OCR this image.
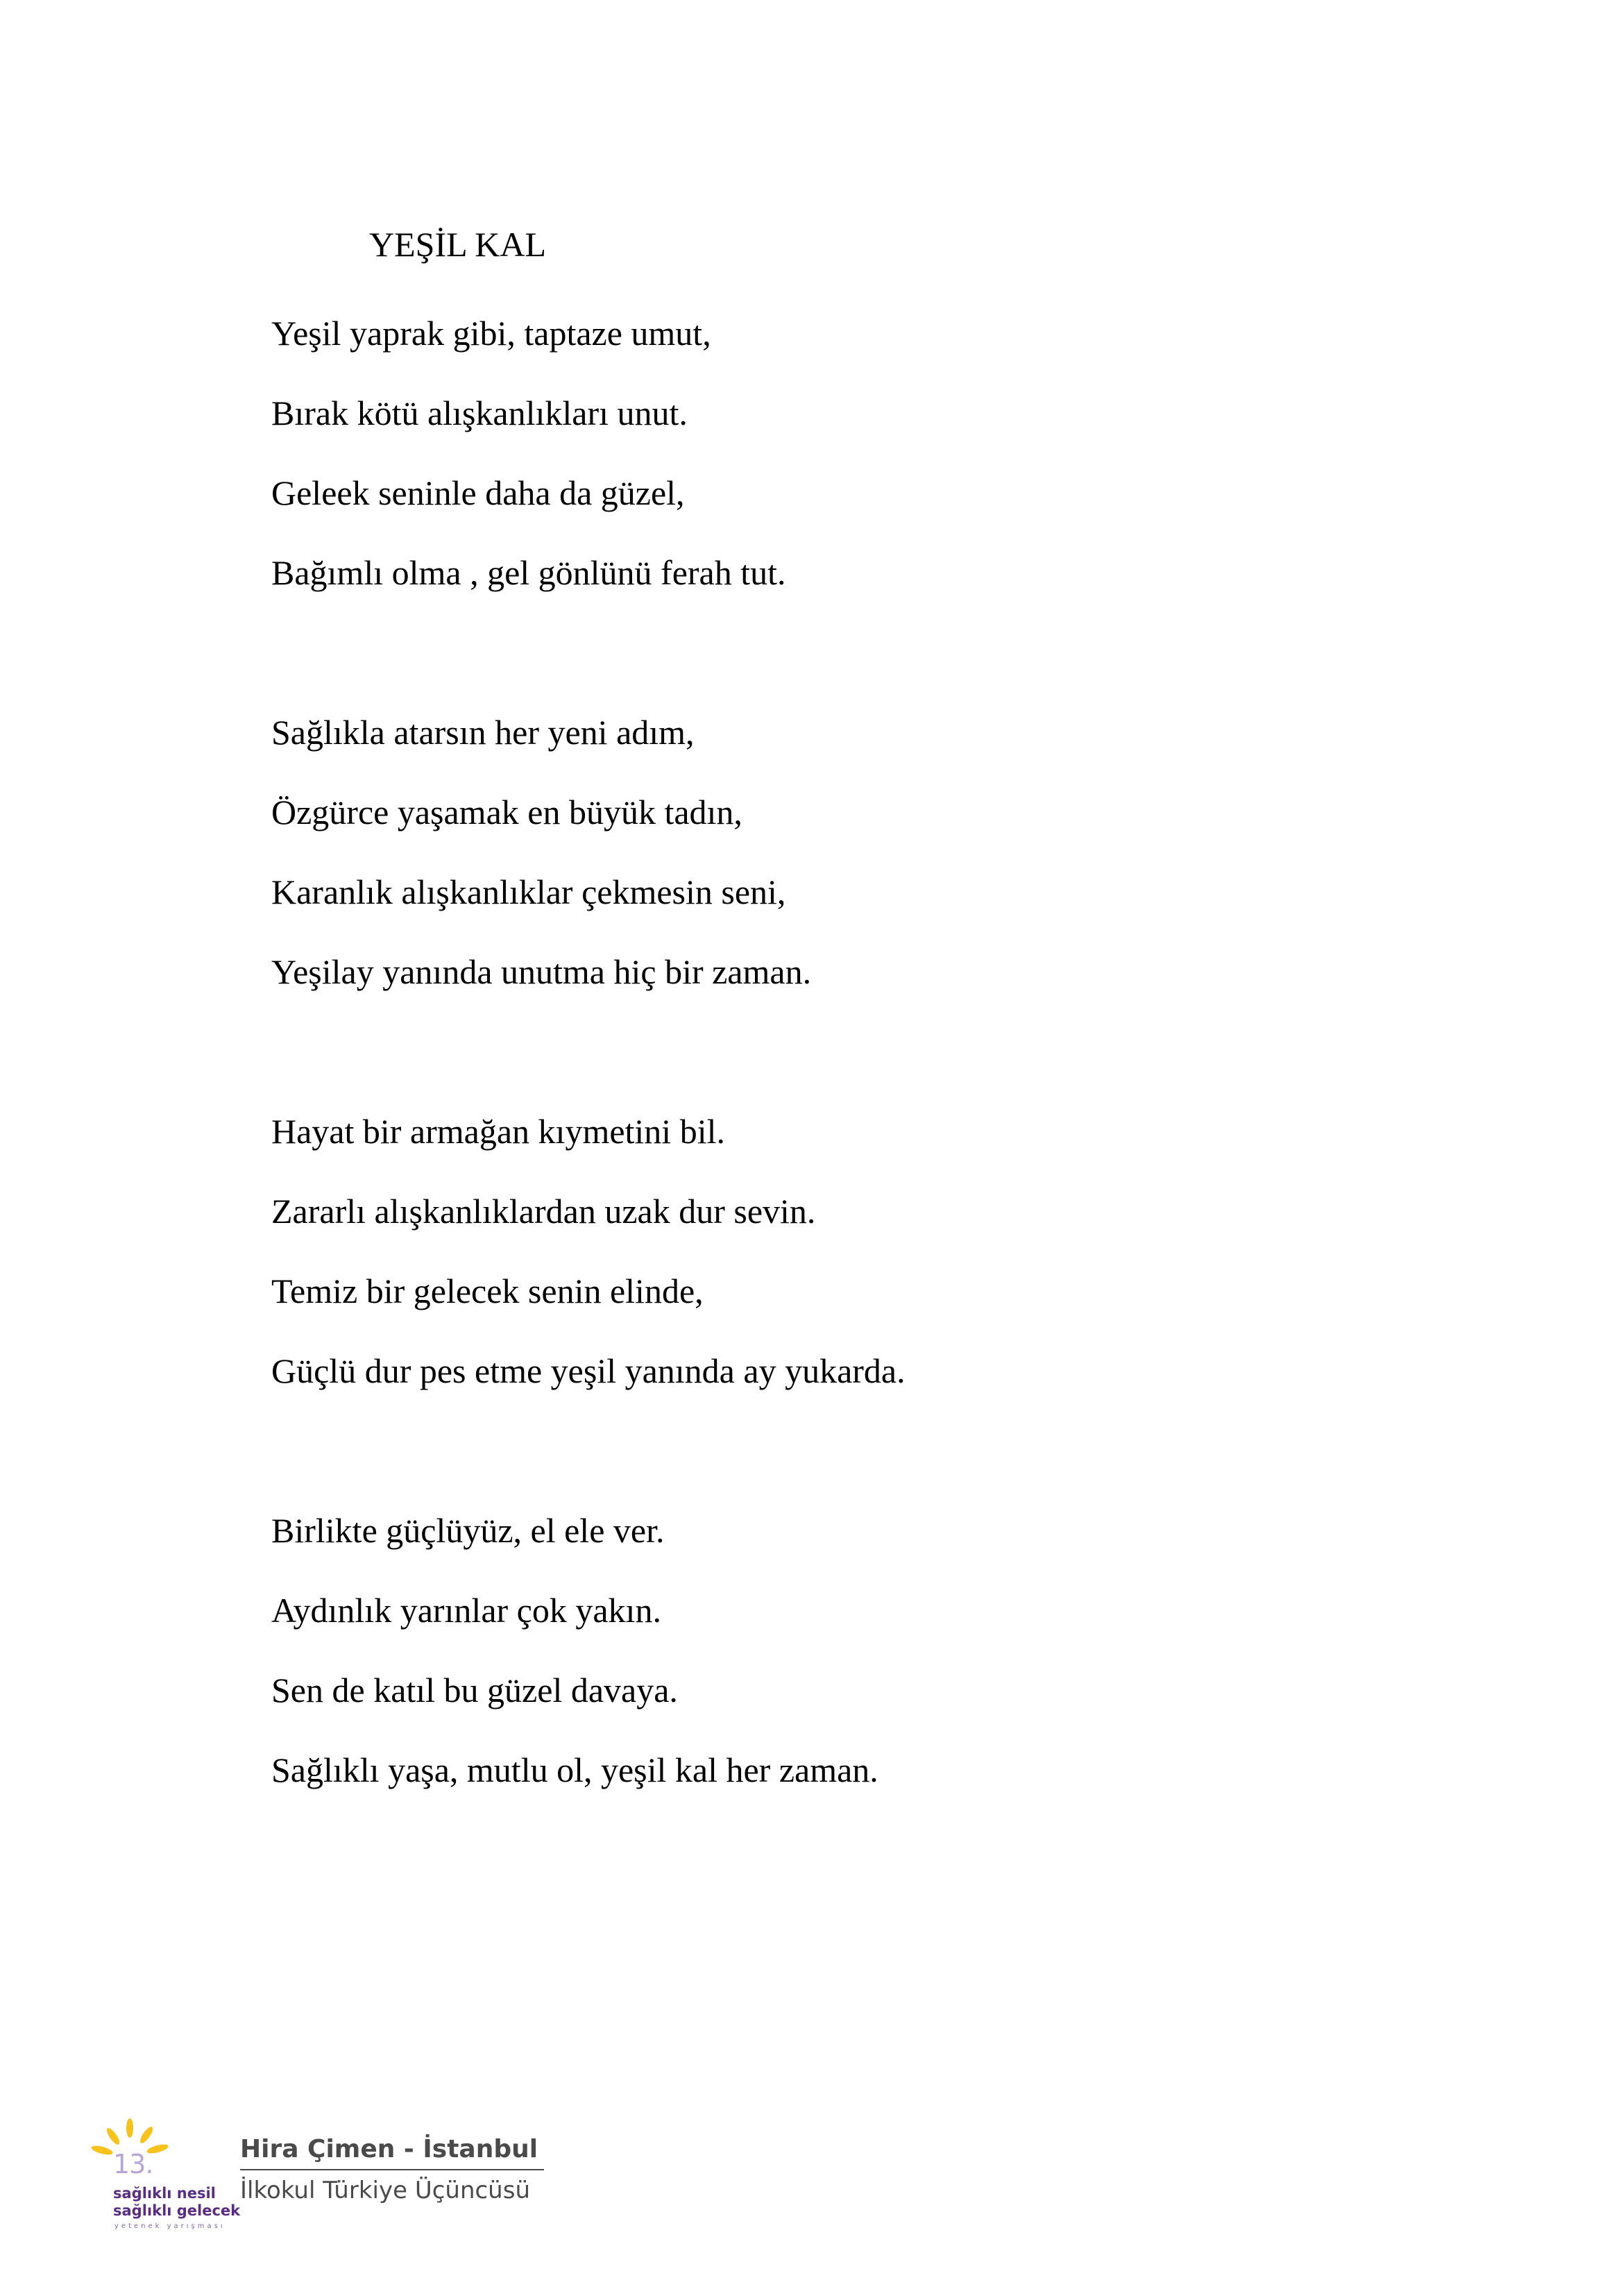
YEŞİL KAL
Yeşil yaprak gibi, taptaze umut,
Bırak kötü alışkanlıkları unut.
Geleek seninle daha da güzel,
Bağımlı olma , gel gönlünü ferah tut.
Sağlıkla atarsın her yeni adım,
Özgürce yaşamak en büyük tadın,
Karanlık alışkanlıklar çekmesin seni,
Yeşilay yanında unutma hiç bir zaman.
Hayat bir armağan kıymetini bil.
Zararlı alışkanlıklardan uzak dur sevin.
Temiz bir gelecek senin elinde,
Güçlü dur pes etme yeşil yanında ay yukarda.
Birlikte güçlüyüz, el ele ver.
Aydınlık yarınlar çok yakın.
Sen de katıl bu güzel davaya.
Sağlıklı yaşa, mutlu ol, yeşil kal her zaman.
13.
sağlıklı nesil
sağlıklı gelecek
yetenek yarışması
Hira Çimen - İstanbul
İlkokul Türkiye Üçüncüsü
